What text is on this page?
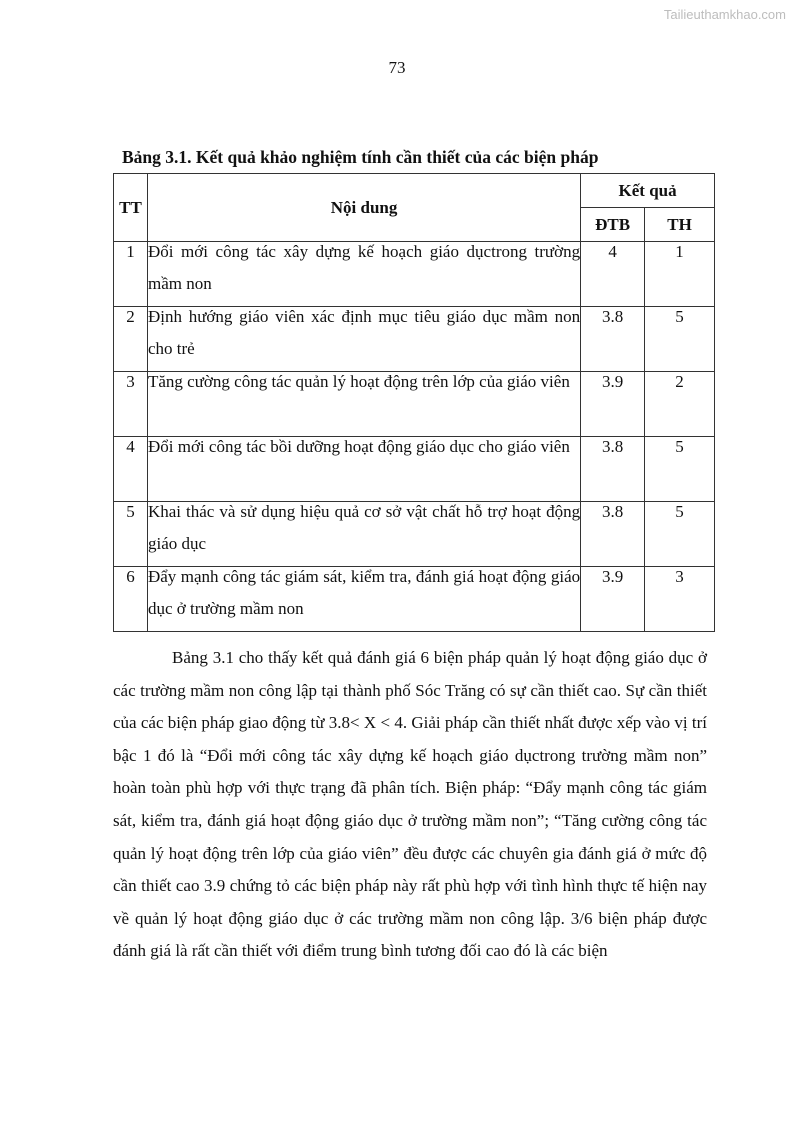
Tailieuthamkhao.com
73
Bảng 3.1. Kết quả khảo nghiệm tính cần thiết của các biện pháp
TT	Nội dung	Kết quả	
		ĐTB	TH
1	Đổi mới công tác xây dựng kế hoạch giáo dụctrong trường mầm non	4	1
2	Định hướng giáo viên xác định mục tiêu giáo dục mầm non cho trẻ	3.8	5
3	Tăng cường công tác quản lý hoạt động trên lớp của giáo viên	3.9	2
4	Đổi mới công tác bồi dưỡng hoạt động giáo dục cho giáo viên	3.8	5
5	Khai thác và sử dụng hiệu quả cơ sở vật chất hỗ trợ hoạt động giáo dục	3.8	5
6	Đẩy mạnh công tác giám sát, kiểm tra, đánh giá hoạt động giáo dục ở trường mầm non	3.9	3

Bảng 3.1 cho thấy kết quả đánh giá 6 biện pháp quản lý hoạt động giáo dục ở các trường mầm non công lập tại thành phố Sóc Trăng có sự cần thiết cao. Sự cần thiết của các biện pháp giao động từ 3.8< X < 4. Giải pháp cần thiết nhất được xếp vào vị trí bậc 1 đó là “Đổi mới công tác xây dựng kế hoạch giáo dụctrong trường mầm non” hoàn toàn phù hợp với thực trạng đã phân tích. Biện pháp: “Đẩy mạnh công tác giám sát, kiểm tra, đánh giá hoạt động giáo dục ở trường mầm non”; “Tăng cường công tác quản lý hoạt động trên lớp của giáo viên” đều được các chuyên gia đánh giá ở mức độ cần thiết cao 3.9 chứng tỏ các biện pháp này rất phù hợp với tình hình thực tế hiện nay về quản lý hoạt động giáo dục ở các trường mầm non công lập. 3/6 biện pháp được đánh giá là rất cần thiết với điểm trung bình tương đối cao đó là các biện
